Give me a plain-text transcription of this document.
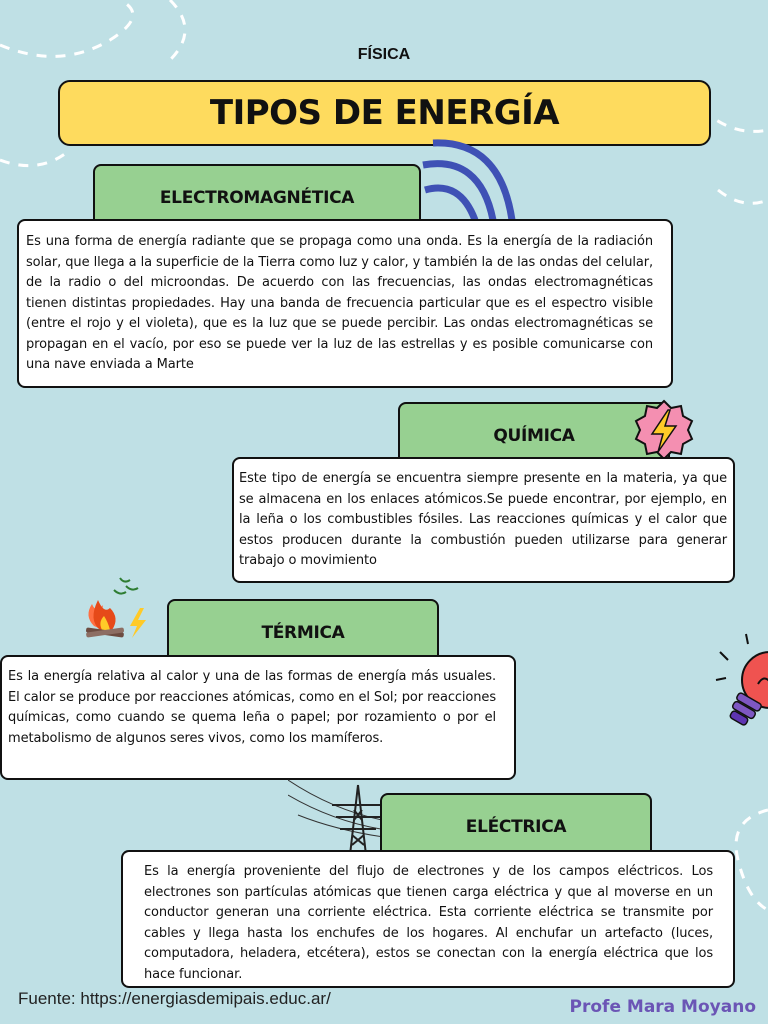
FÍSICA
TIPOS DE ENERGÍA
ELECTROMAGNÉTICA

Es una forma de energía radiante que se propaga como una onda. Es la energía de la radiación solar, que llega a la superficie de la Tierra como luz y calor, y también la de las ondas del celular, de la radio o del microondas. De acuerdo con las frecuencias, las ondas electromagnéticas tienen distintas propiedades. Hay una banda de frecuencia particular que es el espectro visible (entre el rojo y el violeta), que es la luz que se puede percibir. Las ondas electromagnéticas se propagan en el vacío, por eso se puede ver la luz de las estrellas y es posible comunicarse con una nave enviada a Marte

QUÍMICA

Este tipo de energía se encuentra siempre presente en la materia, ya que se almacena en los enlaces atómicos.Se puede encontrar, por ejemplo, en la leña o los combustibles fósiles. Las reacciones químicas y el calor que estos producen durante la combustión pueden utilizarse para generar trabajo o movimiento

TÉRMICA

Es la energía relativa al calor y una de las formas de energía más usuales. El calor se produce por reacciones atómicas, como en el Sol; por reacciones químicas, como cuando se quema leña o papel; por rozamiento o por el metabolismo de algunos seres vivos, como los mamíferos.

ELÉCTRICA

Es la energía proveniente del flujo de electrones y de los campos eléctricos. Los electrones son partículas atómicas que tienen carga eléctrica y que al moverse en un conductor generan una corriente eléctrica. Esta corriente eléctrica se transmite por cables y llega hasta los enchufes de los hogares. Al enchufar un artefacto (luces, computadora, heladera, etcétera), estos se conectan con la energía eléctrica que los hace funcionar.

Fuente: https://energiasdemipais.educ.ar/	Profe Mara Moyano
